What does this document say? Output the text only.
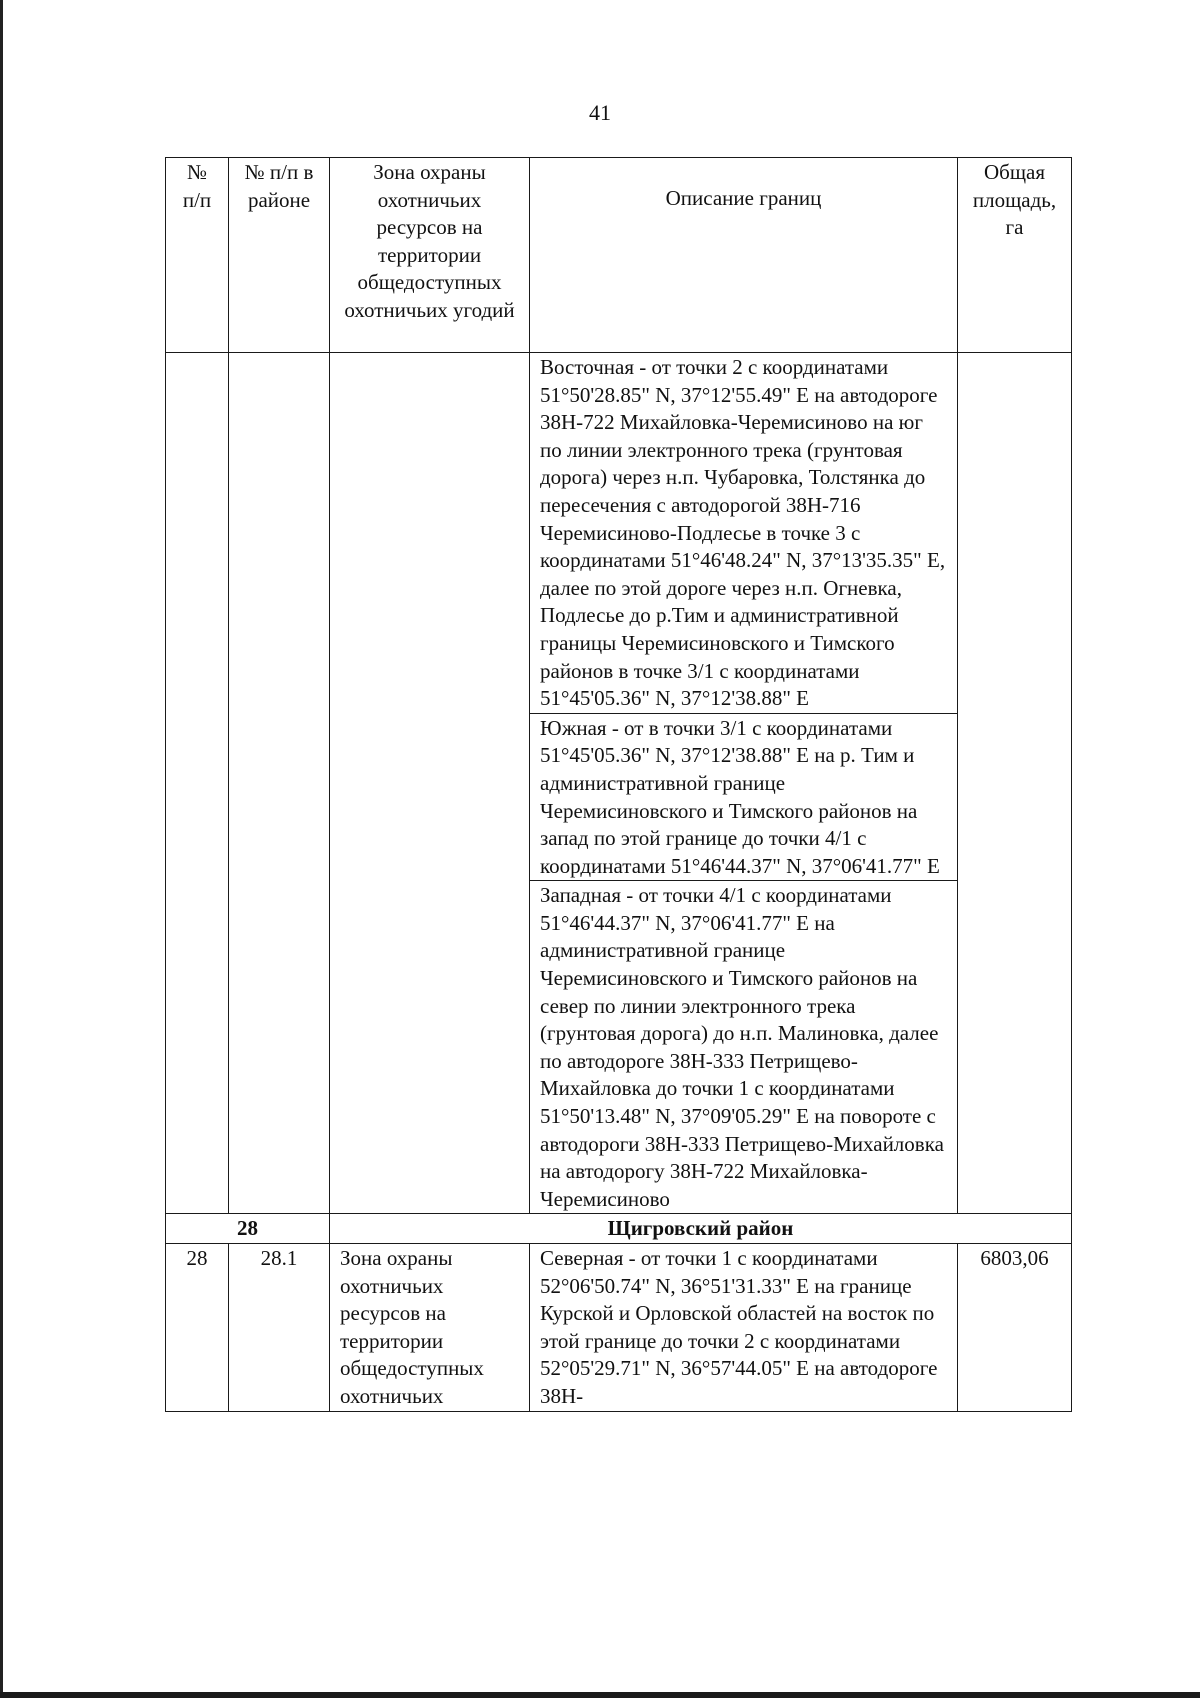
41
№ п/п	№ п/п в районе	Зона охраны охотничьих ресурсов на территории общедоступных охотничьих угодий	Описание границ	Общая площадь, га
			Восточная - от точки 2 с координатами 51°50'28.85" N, 37°12'55.49" E на автодороге 38Н-722 Михайловка-Черемисиново на юг по линии электронного трека (грунтовая дорога) через н.п. Чубаровка, Толстянка до пересечения с автодорогой 38Н-716 Черемисиново-Подлесье в точке 3 с координатами 51°46'48.24" N, 37°13'35.35" E, далее по этой дороге через н.п. Огневка, Подлесье до р.Тим и административной границы Черемисиновского и Тимского районов в точке 3/1 с координатами 51°45'05.36" N, 37°12'38.88" E	
			Южная - от в точки 3/1 с координатами 51°45'05.36" N, 37°12'38.88" E на р. Тим и административной границе Черемисиновского и Тимского районов на запад по этой границе до точки 4/1 с координатами 51°46'44.37" N, 37°06'41.77" E	
			Западная - от точки 4/1 с координатами 51°46'44.37" N, 37°06'41.77" E на административной границе Черемисиновского и Тимского районов на север по линии электронного трека (грунтовая дорога) до н.п. Малиновка, далее по автодороге 38Н-333 Петрищево-Михайловка до точки 1 с координатами 51°50'13.48" N, 37°09'05.29" E на повороте с автодороги 38Н-333 Петрищево-Михайловка на автодорогу 38Н-722 Михайловка-Черемисиново	
28		Щигровский район		
28	28.1	Зона охраны охотничьих ресурсов на территории общедоступных охотничьих	Северная - от точки 1 с координатами 52°06'50.74" N, 36°51'31.33" E на границе Курской и Орловской областей на восток по этой границе до точки 2 с координатами 52°05'29.71" N, 36°57'44.05" E на автодороге 38Н-	6803,06
